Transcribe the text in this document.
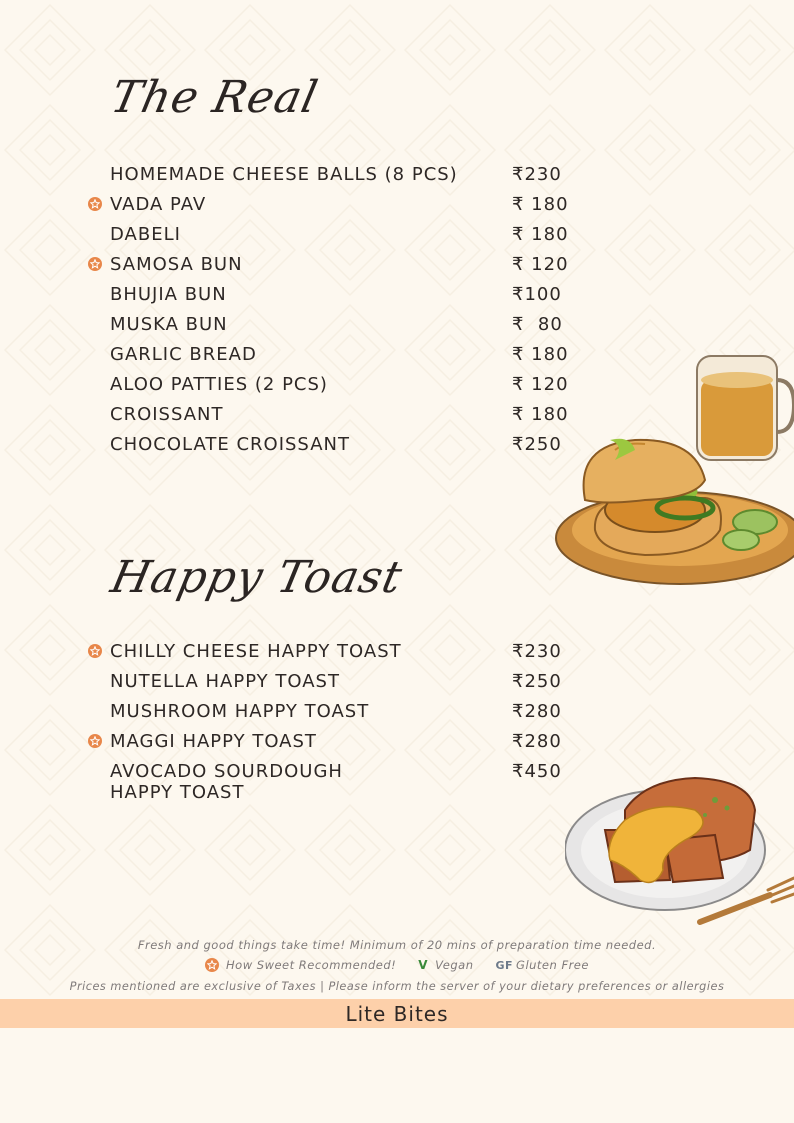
The Real
HOMEMADE CHEESE BALLS (8 PCS)	₹230
VADA PAV	₹ 180
DABELI	₹ 180
SAMOSA BUN	₹ 120
BHUJIA BUN	₹100
MUSKA BUN	₹  80
GARLIC BREAD	₹ 180
ALOO PATTIES (2 PCS)	₹ 120
CROISSANT	₹ 180
CHOCOLATE CROISSANT	₹250
Happy Toast
CHILLY CHEESE HAPPY TOAST	₹230
NUTELLA HAPPY TOAST	₹250
MUSHROOM HAPPY TOAST	₹280
MAGGI HAPPY TOAST	₹280
AVOCADO SOURDOUGH
HAPPY TOAST
₹450
Fresh and good things take time! Minimum of 20 mins of preparation time needed.
How Sweet Recommended! V Vegan GF Gluten Free
Prices mentioned are exclusive of Taxes | Please inform the server of your dietary preferences or allergies
Lite Bites
